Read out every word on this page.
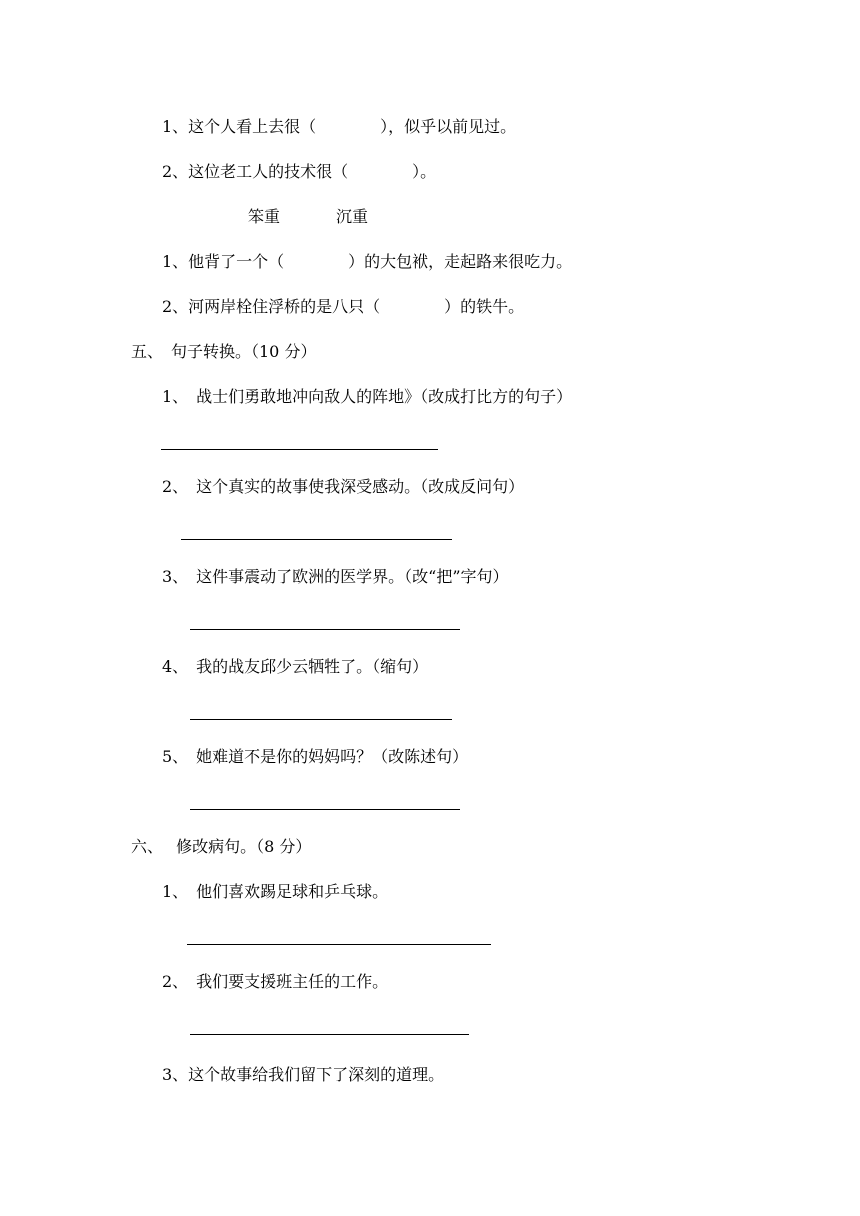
1、这个人看上去很（　　　　），似乎以前见过。
2、这位老工人的技术很（　　　　）。
笨重	沉重
1、他背了一个（　　　　）的大包袱，走起路来很吃力。
2、河两岸栓住浮桥的是八只（　　　　）的铁牛。
五、　句子转换。（10 分）
1、　战士们勇敢地冲向敌人的阵地》（改成打比方的句子）
2、　这个真实的故事使我深受感动。（改成反问句）
3、　这件事震动了欧洲的医学界。（改“把”字句）
4、　我的战友邱少云牺牲了。（缩句）
5、　她难道不是你的妈妈吗？（改陈述句）
六、　 修改病句。（8 分）
1、　他们喜欢踢足球和乒乓球。
2、　我们要支援班主任的工作。
3、这个故事给我们留下了深刻的道理。
